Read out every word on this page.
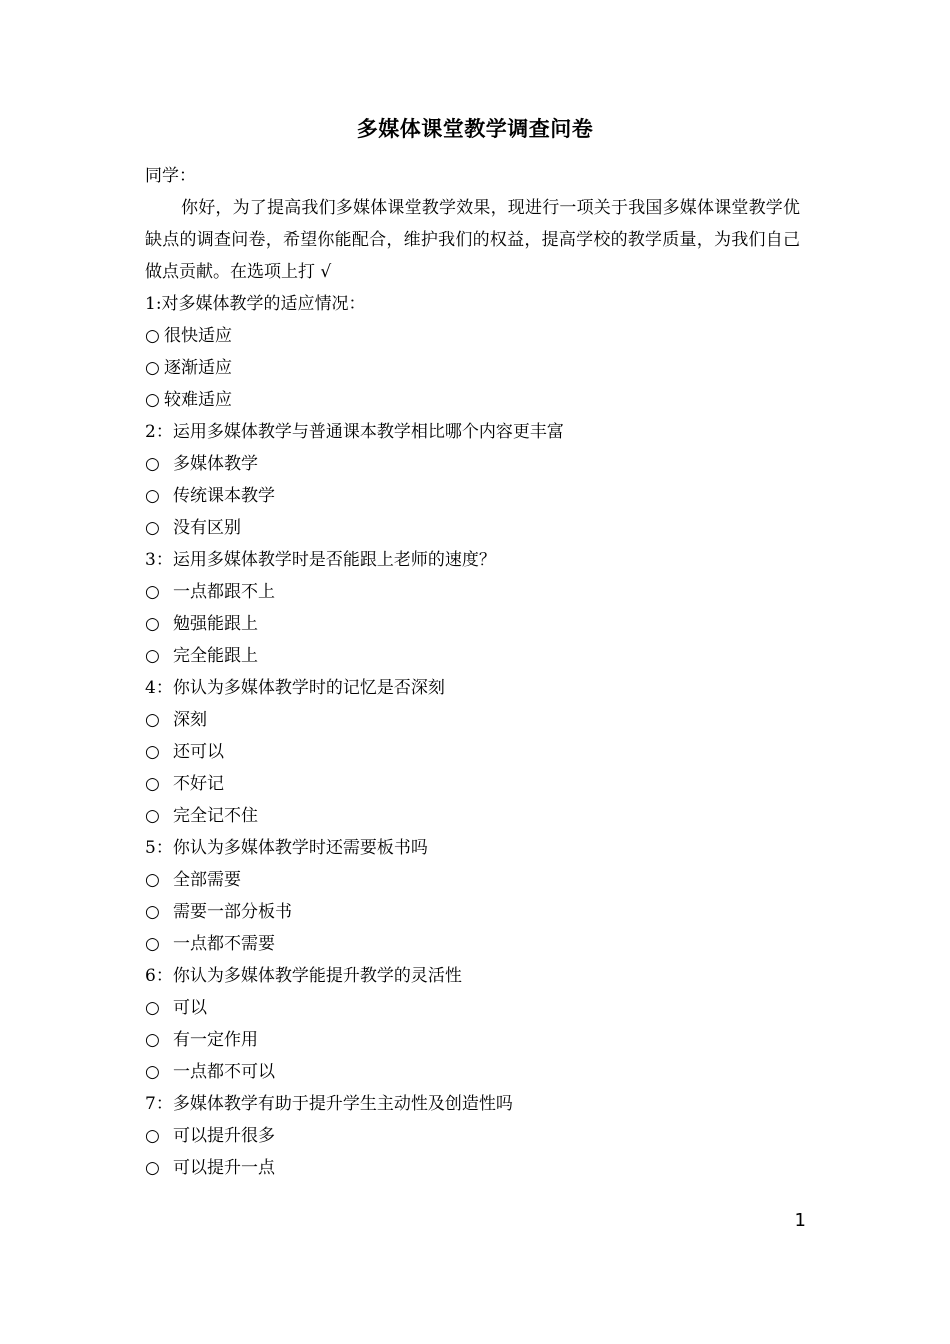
多媒体课堂教学调查问卷
同学：
你好，为了提高我们多媒体课堂教学效果，现进行一项关于我国多媒体课堂教学优缺点的调查问卷，希望你能配合，维护我们的权益，提高学校的教学质量，为我们自己做点贡献。在选项上打 √
1:对多媒体教学的适应情况：
○ 很快适应
○ 逐渐适应
○ 较难适应
2：运用多媒体教学与普通课本教学相比哪个内容更丰富
○ 多媒体教学
○ 传统课本教学
○ 没有区别
3：运用多媒体教学时是否能跟上老师的速度？
○ 一点都跟不上
○ 勉强能跟上
○ 完全能跟上
4：你认为多媒体教学时的记忆是否深刻
○ 深刻
○ 还可以
○ 不好记
○ 完全记不住
5：你认为多媒体教学时还需要板书吗
○ 全部需要
○ 需要一部分板书
○ 一点都不需要
6：你认为多媒体教学能提升教学的灵活性
○ 可以
○ 有一定作用
○ 一点都不可以
7：多媒体教学有助于提升学生主动性及创造性吗
○ 可以提升很多
○ 可以提升一点
1
